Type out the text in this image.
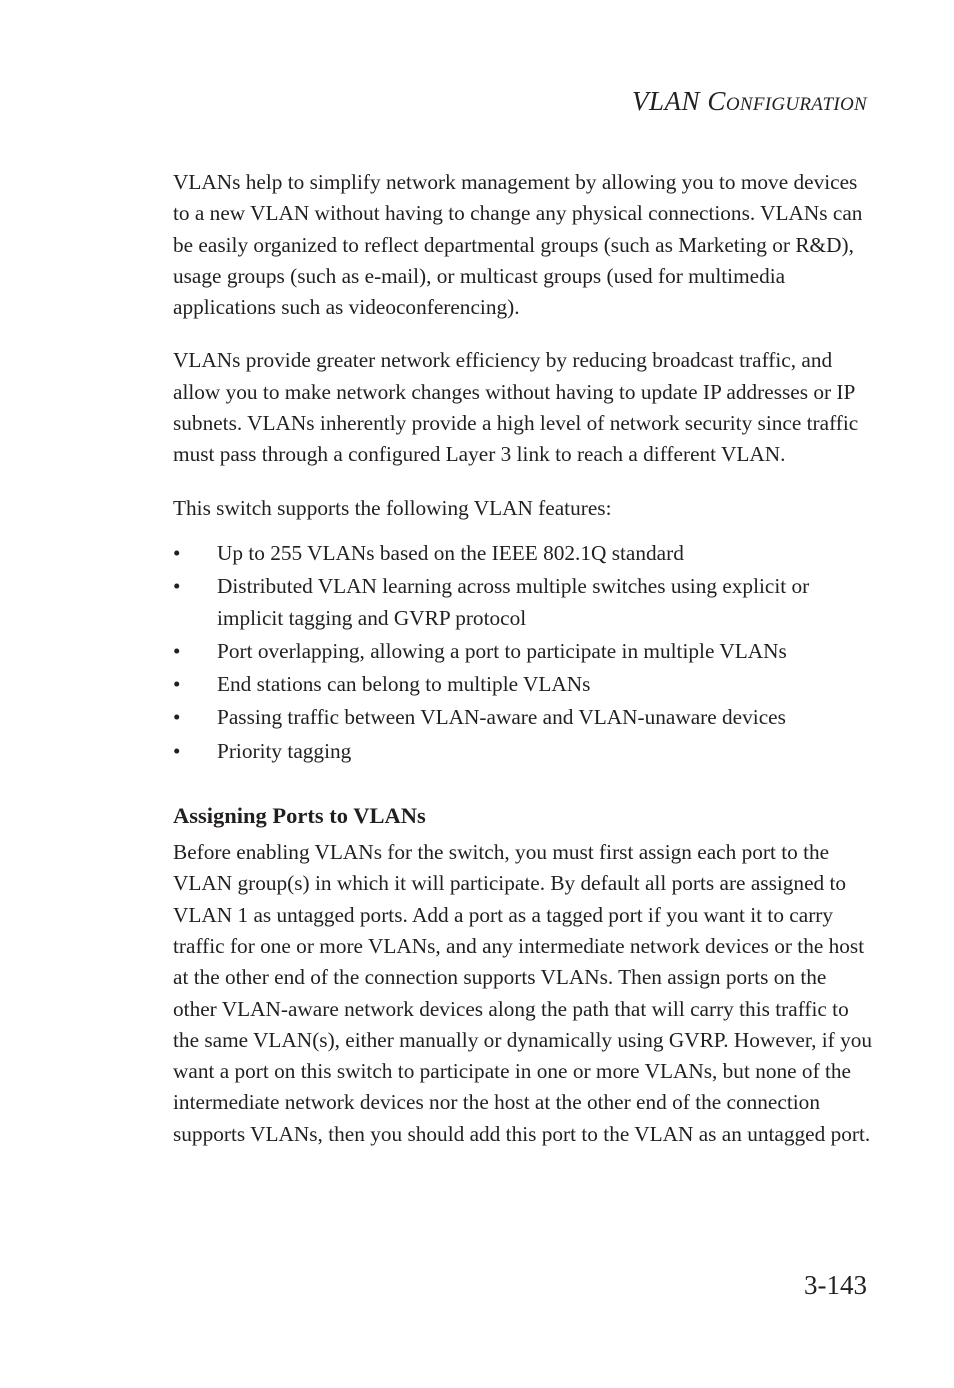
VLAN CONFIGURATION

VLANs help to simplify network management by allowing you to move devices to a new VLAN without having to change any physical connections. VLANs can be easily organized to reflect departmental groups (such as Marketing or R&D), usage groups (such as e-mail), or multicast groups (used for multimedia applications such as videoconferencing).

VLANs provide greater network efficiency by reducing broadcast traffic, and allow you to make network changes without having to update IP addresses or IP subnets. VLANs inherently provide a high level of network security since traffic must pass through a configured Layer 3 link to reach a different VLAN.

This switch supports the following VLAN features:

• Up to 255 VLANs based on the IEEE 802.1Q standard
• Distributed VLAN learning across multiple switches using explicit or implicit tagging and GVRP protocol
• Port overlapping, allowing a port to participate in multiple VLANs
• End stations can belong to multiple VLANs
• Passing traffic between VLAN-aware and VLAN-unaware devices
• Priority tagging
Assigning Ports to VLANs

Before enabling VLANs for the switch, you must first assign each port to the VLAN group(s) in which it will participate. By default all ports are assigned to VLAN 1 as untagged ports. Add a port as a tagged port if you want it to carry traffic for one or more VLANs, and any intermediate network devices or the host at the other end of the connection supports VLANs. Then assign ports on the other VLAN-aware network devices along the path that will carry this traffic to the same VLAN(s), either manually or dynamically using GVRP. However, if you want a port on this switch to participate in one or more VLANs, but none of the intermediate network devices nor the host at the other end of the connection supports VLANs, then you should add this port to the VLAN as an untagged port.

3-143
